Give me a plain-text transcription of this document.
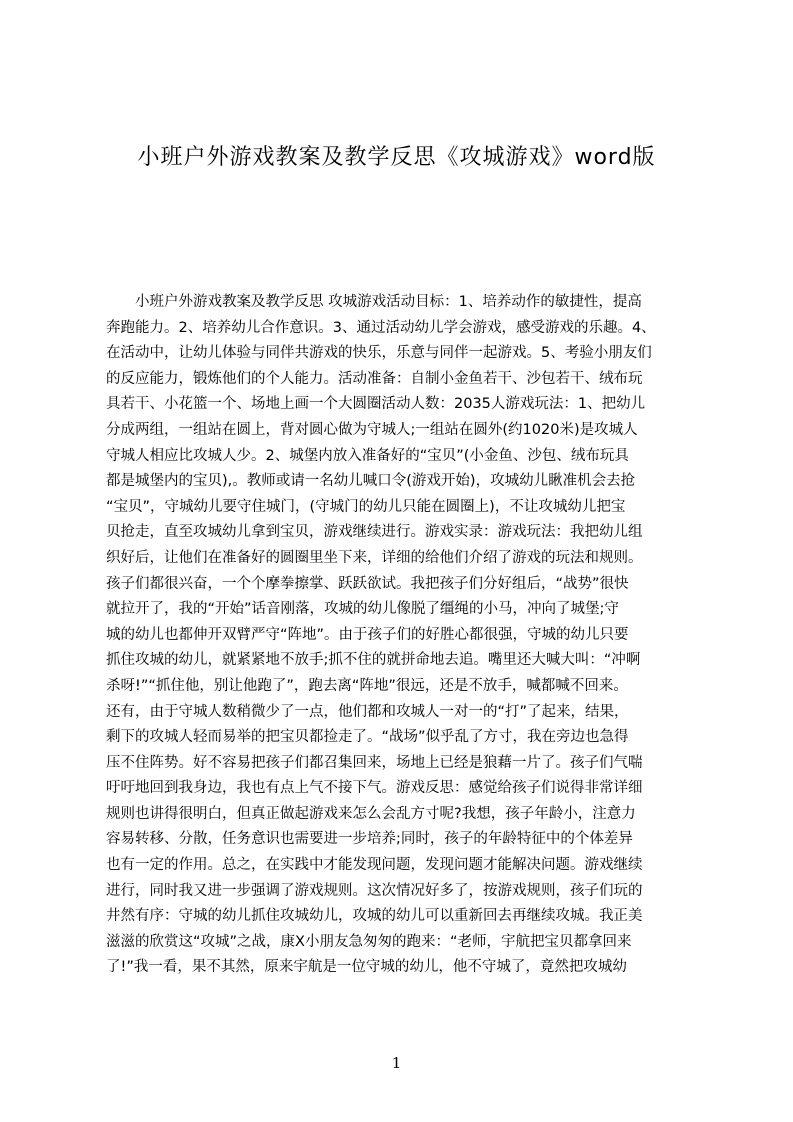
小班户外游戏教案及教学反思《攻城游戏》word版
　　小班户外游戏教案及教学反思 攻城游戏活动目标：1、培养动作的敏捷性，提高
奔跑能力。2、培养幼儿合作意识。3、通过活动幼儿学会游戏，感受游戏的乐趣。4、
在活动中，让幼儿体验与同伴共游戏的快乐，乐意与同伴一起游戏。5、考验小朋友们
的反应能力，锻炼他们的个人能力。活动准备：自制小金鱼若干、沙包若干、绒布玩
具若干、小花篮一个、场地上画一个大圆圈活动人数：2035人游戏玩法：1、把幼儿
分成两组，一组站在圆上，背对圆心做为守城人;一组站在圆外(约1020米)是攻城人
守城人相应比攻城人少。2、城堡内放入准备好的“宝贝”(小金鱼、沙包、绒布玩具
都是城堡内的宝贝),。教师或请一名幼儿喊口令(游戏开始)，攻城幼儿瞅准机会去抢
“宝贝”，守城幼儿要守住城门，(守城门的幼儿只能在圆圈上)，不让攻城幼儿把宝
贝抢走，直至攻城幼儿拿到宝贝，游戏继续进行。游戏实录：游戏玩法：我把幼儿组
织好后，让他们在准备好的圆圈里坐下来，详细的给他们介绍了游戏的玩法和规则。
孩子们都很兴奋，一个个摩拳擦掌、跃跃欲试。我把孩子们分好组后，“战势”很快
就拉开了，我的“开始”话音刚落，攻城的幼儿像脱了缰绳的小马，冲向了城堡;守
城的幼儿也都伸开双臂严守“阵地”。由于孩子们的好胜心都很强，守城的幼儿只要
抓住攻城的幼儿，就紧紧地不放手;抓不住的就拼命地去追。嘴里还大喊大叫：“冲啊
杀呀!”“抓住他，别让他跑了”，跑去离“阵地”很远，还是不放手，喊都喊不回来。
还有，由于守城人数稍微少了一点，他们都和攻城人一对一的“打”了起来，结果，
剩下的攻城人轻而易举的把宝贝都捡走了。“战场”似乎乱了方寸，我在旁边也急得
压不住阵势。好不容易把孩子们都召集回来，场地上已经是狼藉一片了。孩子们气喘
吁吁地回到我身边，我也有点上气不接下气。游戏反思：感觉给孩子们说得非常详细
规则也讲得很明白，但真正做起游戏来怎么会乱方寸呢?我想，孩子年龄小，注意力
容易转移、分散，任务意识也需要进一步培养;同时，孩子的年龄特征中的个体差异
也有一定的作用。总之，在实践中才能发现问题，发现问题才能解决问题。游戏继续
进行，同时我又进一步强调了游戏规则。这次情况好多了，按游戏规则，孩子们玩的
井然有序：守城的幼儿抓住攻城幼儿，攻城的幼儿可以重新回去再继续攻城。我正美
滋滋的欣赏这“攻城”之战，康X小朋友急匆匆的跑来：“老师，宇航把宝贝都拿回来
了!”我一看，果不其然，原来宇航是一位守城的幼儿，他不守城了，竟然把攻城幼
1
